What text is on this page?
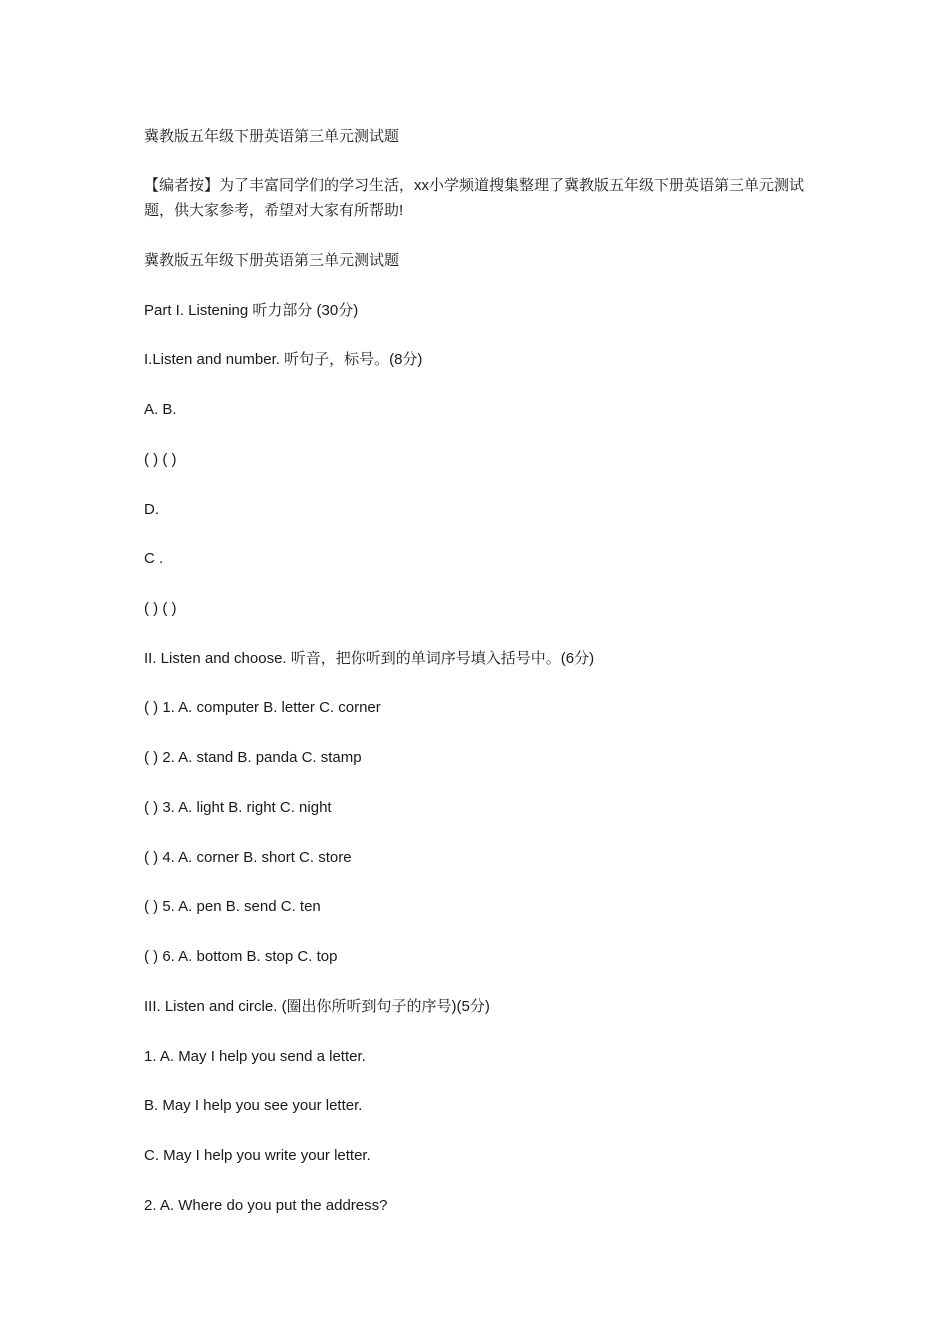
冀教版五年级下册英语第三单元测试题
【编者按】为了丰富同学们的学习生活，xx小学频道搜集整理了冀教版五年级下册英语第三单元测试题，供大家参考，希望对大家有所帮助!
冀教版五年级下册英语第三单元测试题
Part I. Listening 听力部分 (30分)
I.Listen and number. 听句子，标号。(8分)
A. B.
( ) ( )
D.
C .
( ) ( )
II. Listen and choose. 听音，把你听到的单词序号填入括号中。(6分)
( ) 1. A. computer B. letter C. corner
( ) 2. A. stand B. panda C. stamp
( ) 3. A. light B. right C. night
( ) 4. A. corner B. short C. store
( ) 5. A. pen B. send C. ten
( ) 6. A. bottom B. stop C. top
III. Listen and circle. (圈出你所听到句子的序号)(5分)
1. A. May I help you send a letter.
B. May I help you see your letter.
C. May I help you write your letter.
2. A. Where do you put the address?
